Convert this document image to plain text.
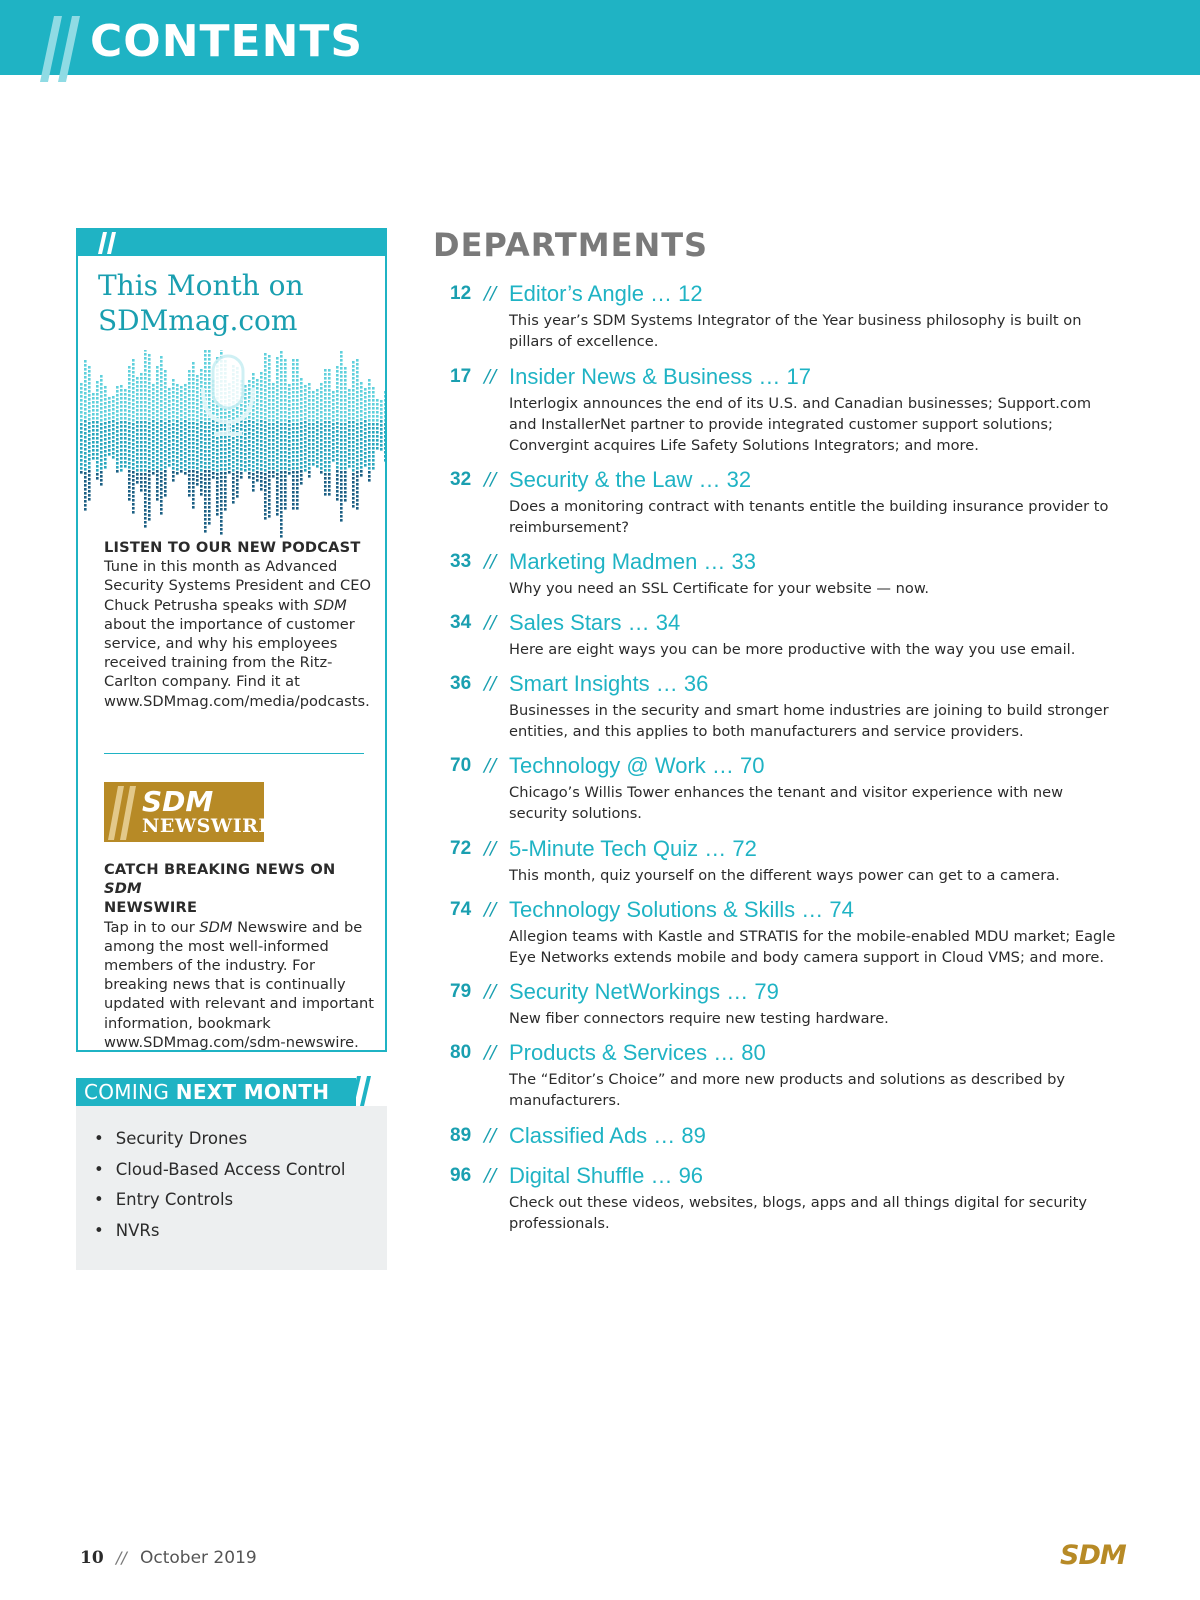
CONTENTS
This Month on
SDMmag.com
LISTEN TO OUR NEW PODCAST
Tune in this month as Advanced Security Systems President and CEO Chuck Petrusha speaks with SDM about the importance of customer service, and why his employees received training from the Ritz-Carlton company. Find it at www.SDMmag.com/media/podcasts.
SDM
NEWSWIRE
CATCH BREAKING NEWS ON SDM
NEWSWIRE
Tap in to our SDM Newswire and be among the most well-informed members of the industry. For breaking news that is continually updated with relevant and important information, bookmark www.SDMmag.com/sdm-newswire.
COMING NEXT MONTH
• Security Drones
• Cloud-Based Access Control
• Entry Controls
• NVRs
DEPARTMENTS
12 // Editor’s Angle … 12
This year’s SDM Systems Integrator of the Year business philosophy is built on pillars of excellence.
17 // Insider News & Business … 17
Interlogix announces the end of its U.S. and Canadian businesses; Support.com and InstallerNet partner to provide integrated customer support solutions; Convergint acquires Life Safety Solutions Integrators; and more.
32 // Security & the Law … 32
Does a monitoring contract with tenants entitle the building insurance provider to reimbursement?
33 // Marketing Madmen … 33
Why you need an SSL Certificate for your website — now.
34 // Sales Stars … 34
Here are eight ways you can be more productive with the way you use email.
36 // Smart Insights … 36
Businesses in the security and smart home industries are joining to build stronger entities, and this applies to both manufacturers and service providers.
70 // Technology @ Work … 70
Chicago’s Willis Tower enhances the tenant and visitor experience with new security solutions.
72 // 5-Minute Tech Quiz … 72
This month, quiz yourself on the different ways power can get to a camera.
74 // Technology Solutions & Skills … 74
Allegion teams with Kastle and STRATIS for the mobile-enabled MDU market; Eagle Eye Networks extends mobile and body camera support in Cloud VMS; and more.
79 // Security NetWorkings … 79
New fiber connectors require new testing hardware.
80 // Products & Services … 80
The “Editor’s Choice” and more new products and solutions as described by manufacturers.
89 // Classified Ads … 89
96 // Digital Shuffle … 96
Check out these videos, websites, blogs, apps and all things digital for security professionals.
10 // October 2019	SDM
